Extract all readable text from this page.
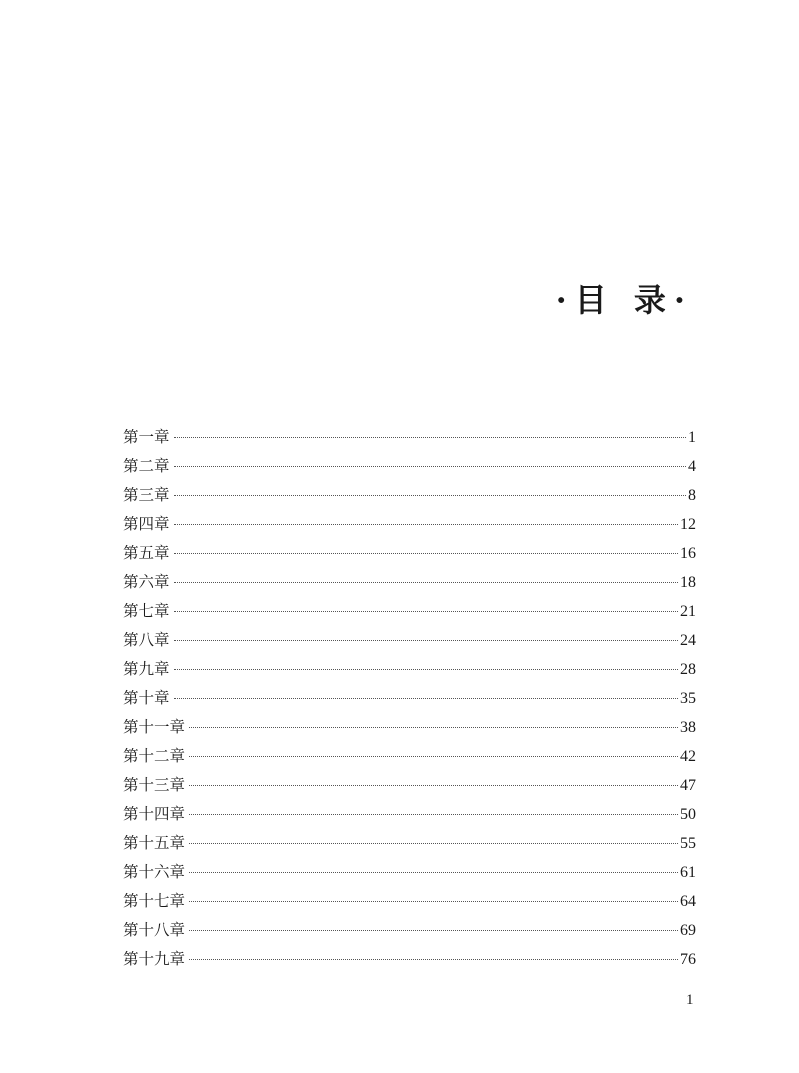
·目 录·
第一章	1
第二章	4
第三章	8
第四章	12
第五章	16
第六章	18
第七章	21
第八章	24
第九章	28
第十章	35
第十一章	38
第十二章	42
第十三章	47
第十四章	50
第十五章	55
第十六章	61
第十七章	64
第十八章	69
第十九章	76
1
